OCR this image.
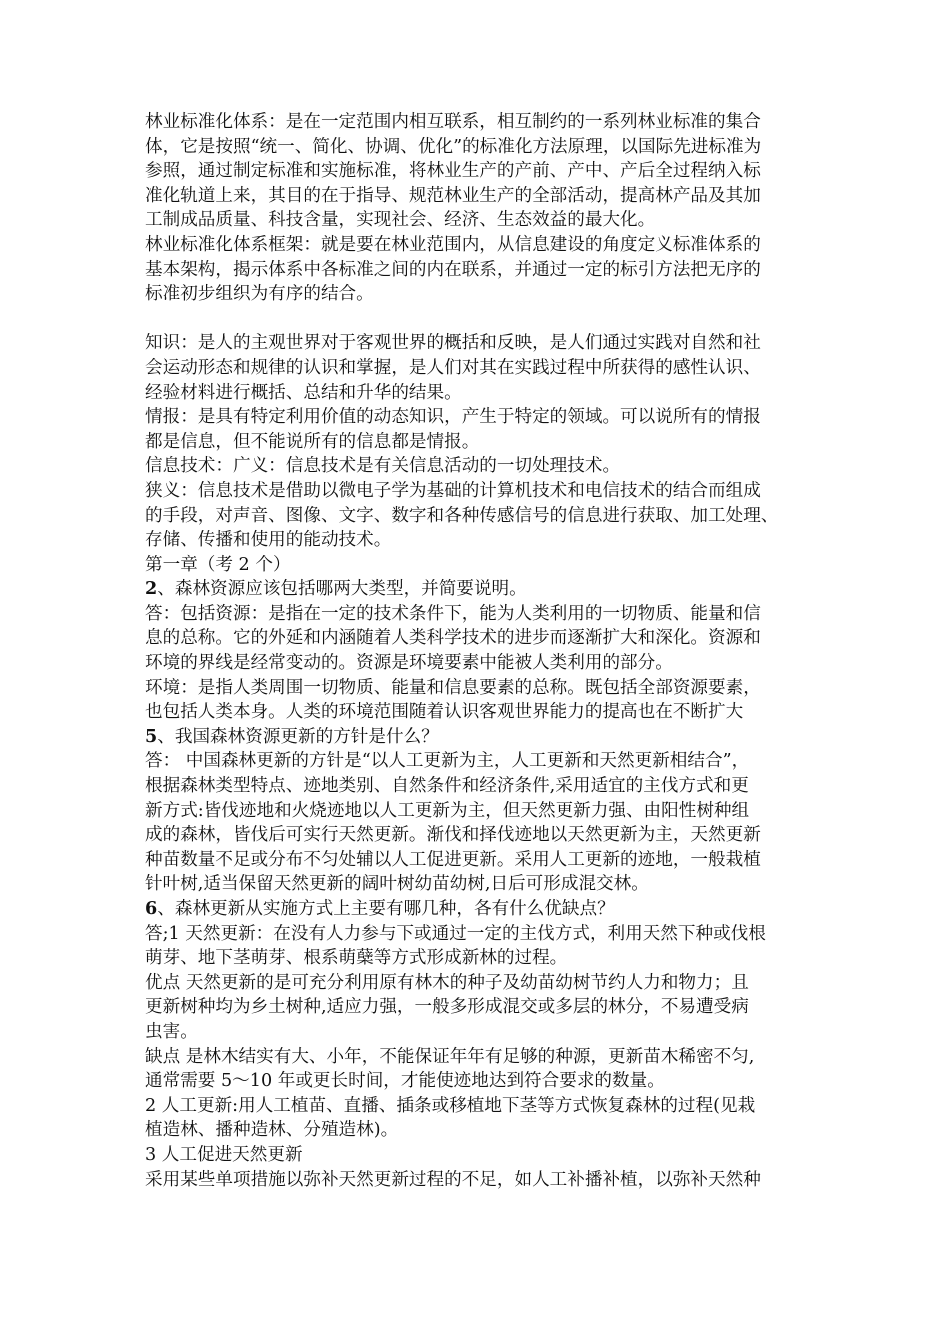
林业标准化体系：是在一定范围内相互联系，相互制约的一系列林业标准的集合
体，它是按照“统一、简化、协调、优化”的标准化方法原理，以国际先进标准为
参照，通过制定标准和实施标准，将林业生产的产前、产中、产后全过程纳入标
准化轨道上来，其目的在于指导、规范林业生产的全部活动，提高林产品及其加
工制成品质量、科技含量，实现社会、经济、生态效益的最大化。
林业标准化体系框架：就是要在林业范围内，从信息建设的角度定义标准体系的
基本架构，揭示体系中各标准之间的内在联系，并通过一定的标引方法把无序的
标准初步组织为有序的结合。
知识：是人的主观世界对于客观世界的概括和反映，是人们通过实践对自然和社
会运动形态和规律的认识和掌握，是人们对其在实践过程中所获得的感性认识、
经验材料进行概括、总结和升华的结果。
情报：是具有特定利用价值的动态知识，产生于特定的领域。可以说所有的情报
都是信息，但不能说所有的信息都是情报。
信息技术：广义：信息技术是有关信息活动的一切处理技术。
狭义：信息技术是借助以微电子学为基础的计算机技术和电信技术的结合而组成
的手段，对声音、图像、文字、数字和各种传感信号的信息进行获取、加工处理、
存储、传播和使用的能动技术。
第一章（考 2 个）
2、森林资源应该包括哪两大类型，并简要说明。
答：包括资源：是指在一定的技术条件下，能为人类利用的一切物质、能量和信
息的总称。它的外延和内涵随着人类科学技术的进步而逐渐扩大和深化。资源和
环境的界线是经常变动的。资源是环境要素中能被人类利用的部分。
环境：是指人类周围一切物质、能量和信息要素的总称。既包括全部资源要素，
也包括人类本身。人类的环境范围随着认识客观世界能力的提高也在不断扩大
5、我国森林资源更新的方针是什么？
答： 中国森林更新的方针是“以人工更新为主，人工更新和天然更新相结合”，
根据森林类型特点、迹地类别、自然条件和经济条件,采用适宜的主伐方式和更
新方式:皆伐迹地和火烧迹地以人工更新为主，但天然更新力强、由阳性树种组
成的森林，皆伐后可实行天然更新。渐伐和择伐迹地以天然更新为主，天然更新
种苗数量不足或分布不匀处辅以人工促进更新。采用人工更新的迹地，一般栽植
针叶树,适当保留天然更新的阔叶树幼苗幼树,日后可形成混交林。
6、森林更新从实施方式上主要有哪几种，各有什么优缺点？
答;1 天然更新：在没有人力参与下或通过一定的主伐方式，利用天然下种或伐根
萌芽、地下茎萌芽、根系萌蘖等方式形成新林的过程。
优点 天然更新的是可充分利用原有林木的种子及幼苗幼树节约人力和物力；且
更新树种均为乡土树种,适应力强，一般多形成混交或多层的林分，不易遭受病
虫害。
缺点 是林木结实有大、小年，不能保证年年有足够的种源，更新苗木稀密不匀,
通常需要 5～10 年或更长时间，才能使迹地达到符合要求的数量。
2 人工更新:用人工植苗、直播、插条或移植地下茎等方式恢复森林的过程(见栽
植造林、播种造林、分殖造林)。
3 人工促进天然更新
采用某些单项措施以弥补天然更新过程的不足，如人工补播补植，以弥补天然种
